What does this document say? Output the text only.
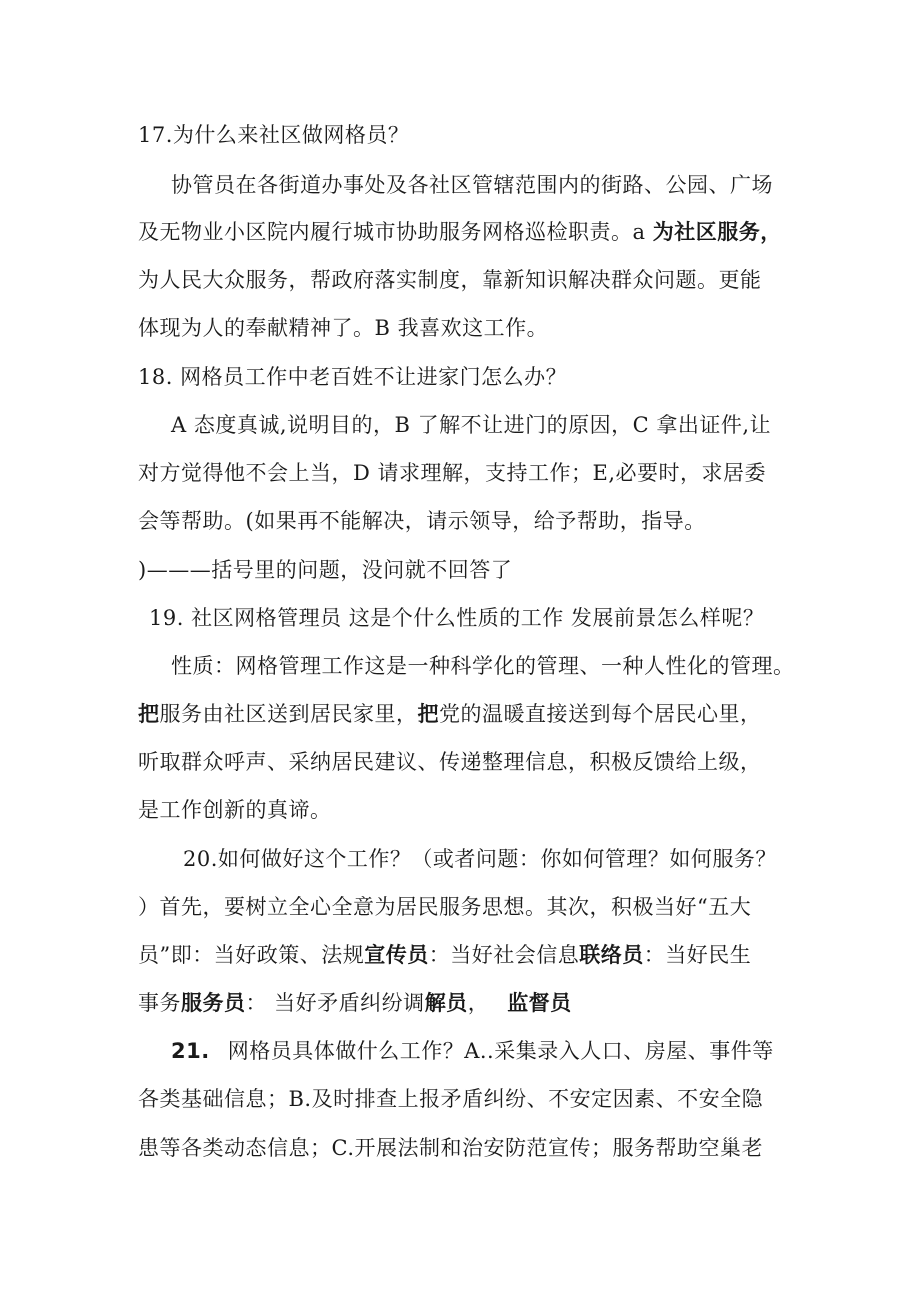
17.为什么来社区做网格员？
协管员在各街道办事处及各社区管辖范围内的街路、公园、广场
及无物业小区院内履行城市协助服务网格巡检职责。a 为社区服务，
为人民大众服务，帮政府落实制度，靠新知识解决群众问题。更能
体现为人的奉献精神了。B 我喜欢这工作。
18. 网格员工作中老百姓不让进家门怎么办？
A 态度真诚,说明目的，B 了解不让进门的原因，C 拿出证件,让
对方觉得他不会上当，D 请求理解，支持工作；E,必要时，求居委
会等帮助。(如果再不能解决，请示领导，给予帮助，指导。
)———括号里的问题，没问就不回答了
19. 社区网格管理员 这是个什么性质的工作 发展前景怎么样呢？
性质：网格管理工作这是一种科学化的管理、一种人性化的管理。
把服务由社区送到居民家里，把党的温暖直接送到每个居民心里，
听取群众呼声、采纳居民建议、传递整理信息，积极反馈给上级，
是工作创新的真谛。
20.如何做好这个工作？（或者问题：你如何管理？如何服务？
）首先，要树立全心全意为居民服务思想。其次，积极当好“五大
员”即：当好政策、法规宣传员：当好社会信息联络员：当好民生
事务服务员： 当好矛盾纠纷调解员， 监督员
21. 网格员具体做什么工作？A..采集录入人口、房屋、事件等
各类基础信息；B.及时排查上报矛盾纠纷、不安定因素、不安全隐
患等各类动态信息；C.开展法制和治安防范宣传；服务帮助空巢老
